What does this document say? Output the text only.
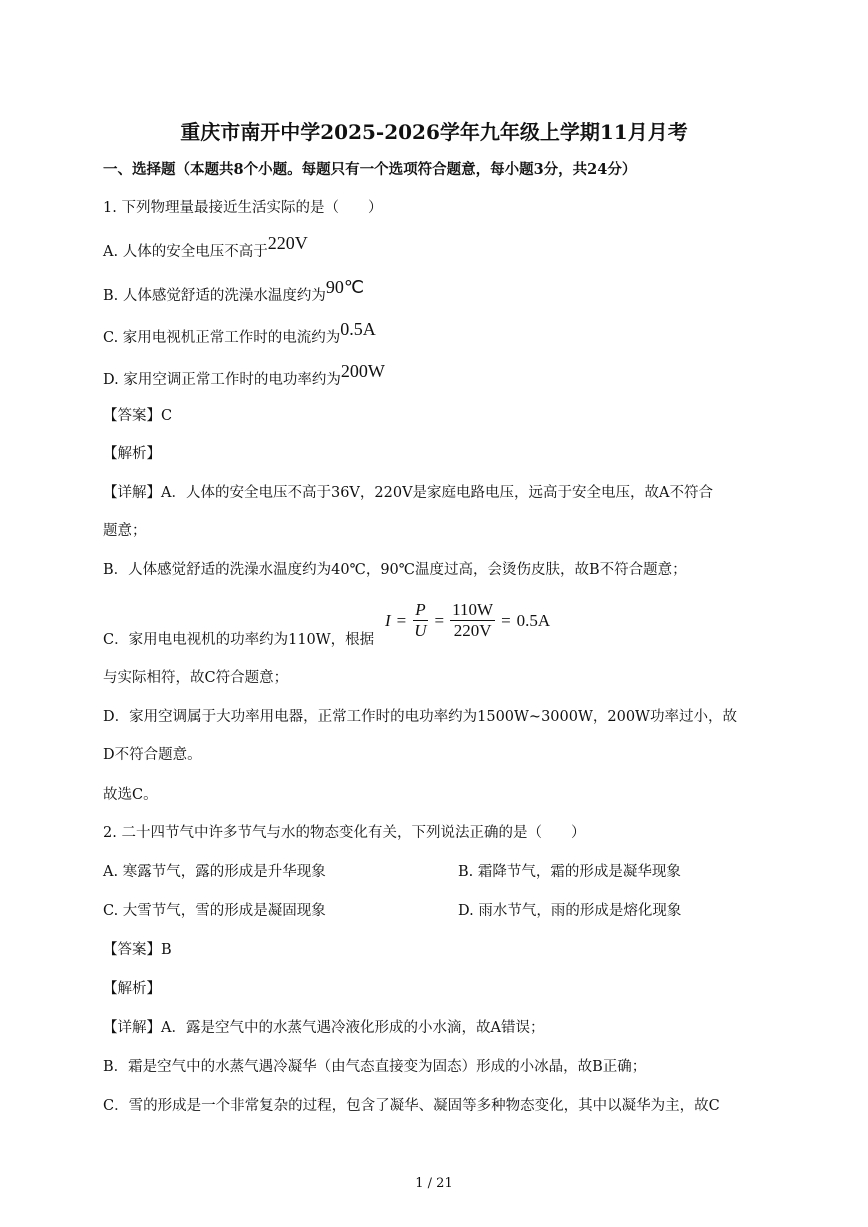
重庆市南开中学2025-2026学年九年级上学期11月月考
一、选择题（本题共8个小题。每题只有一个选项符合题意，每小题3分，共24分）
1. 下列物理量最接近生活实际的是（　　）
A. 人体的安全电压不高于220V
B. 人体感觉舒适的洗澡水温度约为90℃
C. 家用电视机正常工作时的电流约为0.5A
D. 家用空调正常工作时的电功率约为200W
【答案】C
【解析】
【详解】A．人体的安全电压不高于36V，220V是家庭电路电压，远高于安全电压，故A不符合
题意；
B．人体感觉舒适的洗澡水温度约为40℃，90℃温度过高，会烫伤皮肤，故B不符合题意；
C．家用电电视机的功率约为110W，根据
$I = \frac{P}{U} = \frac{110W}{220V} = 0.5A$
与实际相符，故C符合题意；
D．家用空调属于大功率用电器，正常工作时的电功率约为1500W~3000W，200W功率过小，故
D不符合题意。
故选C。
2. 二十四节气中许多节气与水的物态变化有关，下列说法正确的是（　　）
A. 寒露节气，露的形成是升华现象	B. 霜降节气，霜的形成是凝华现象
C. 大雪节气，雪的形成是凝固现象	D. 雨水节气，雨的形成是熔化现象
【答案】B
【解析】
【详解】A．露是空气中的水蒸气遇冷液化形成的小水滴，故A错误；
B．霜是空气中的水蒸气遇冷凝华（由气态直接变为固态）形成的小冰晶，故B正确；
C．雪的形成是一个非常复杂的过程，包含了凝华、凝固等多种物态变化，其中以凝华为主，故C
1 / 21
